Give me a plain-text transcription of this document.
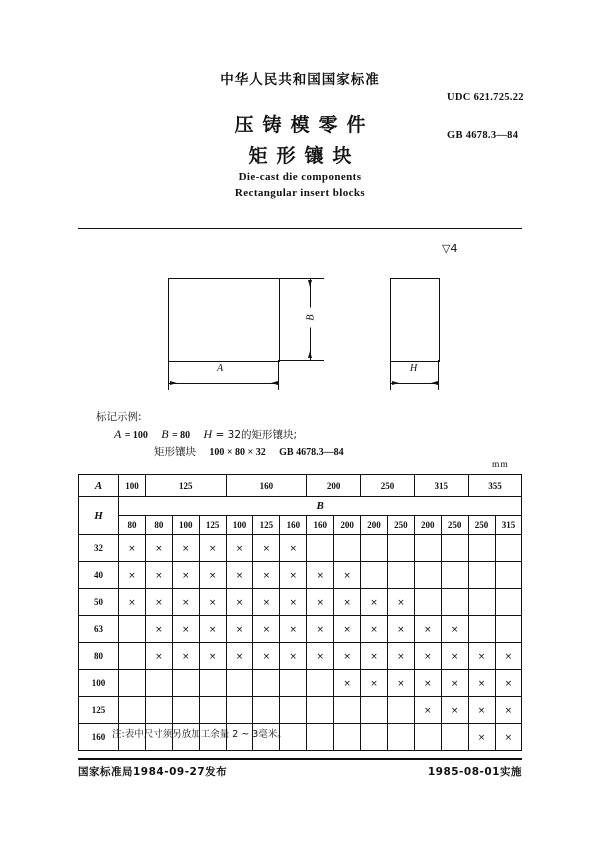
中华人民共和国国家标准
压铸模零件
矩形镶块
Die-cast die components
Rectangular insert blocks
UDC 621.725.22
GB 4678.3—84
▽4
B
A	H
标记示例:
A = 100 B = 80 H = 32的矩形镶块;
矩形镶块 100 × 80 × 32 GB 4678.3—84
mm
A	100	125			160			200		250		315		355	
H	B														
	80	80	100	125	100	125	160	160	200	200	250	200	250	250	315
32	×	×	×	×	×	×	×								
40	×	×	×	×	×	×	×	×	×						
50	×	×	×	×	×	×	×	×	×	×	×				
63		×	×	×	×	×	×	×	×	×	×	×	×		
80		×	×	×	×	×	×	×	×	×	×	×	×	×	×
100									×	×	×	×	×	×	×
125												×	×	×	×
160														×	×
注:表中尺寸须另放加工余量 2 ~ 3毫米。
国家标准局1984-09-27发布	1985-08-01实施
